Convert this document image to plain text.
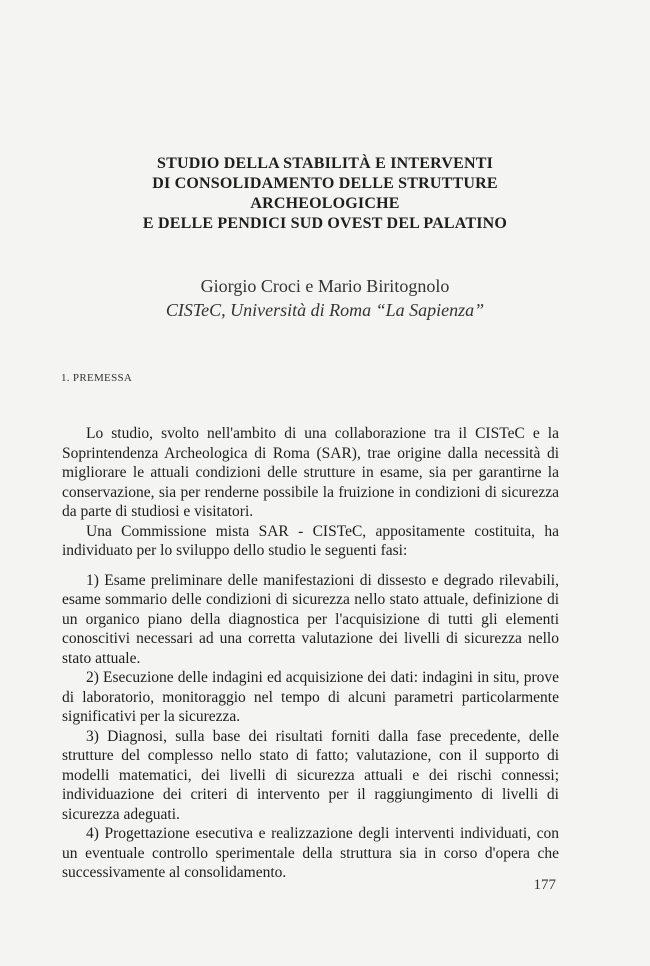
STUDIO DELLA STABILITÀ E INTERVENTI
DI CONSOLIDAMENTO DELLE STRUTTURE
ARCHEOLOGICHE
E DELLE PENDICI SUD OVEST DEL PALATINO
Giorgio Croci e Mario Biritognolo
CISTeC, Università di Roma “La Sapienza”
1. PREMESSA

Lo studio, svolto nell'ambito di una collaborazione tra il CISTeC e la Soprintendenza Archeologica di Roma (SAR), trae origine dalla necessità di migliorare le attuali condizioni delle strutture in esame, sia per garantirne la conservazione, sia per renderne possibile la fruizione in condizioni di sicurezza da parte di studiosi e visitatori.

Una Commissione mista SAR - CISTeC, appositamente costituita, ha individuato per lo sviluppo dello studio le seguenti fasi:

1) Esame preliminare delle manifestazioni di dissesto e degrado rilevabili, esame sommario delle condizioni di sicurezza nello stato attuale, definizione di un organico piano della diagnostica per l'acquisizione di tutti gli elementi conoscitivi necessari ad una corretta valutazione dei livelli di sicurezza nello stato attuale.

2) Esecuzione delle indagini ed acquisizione dei dati: indagini in situ, prove di laboratorio, monitoraggio nel tempo di alcuni parametri particolarmente significativi per la sicurezza.

3) Diagnosi, sulla base dei risultati forniti dalla fase precedente, delle strutture del complesso nello stato di fatto; valutazione, con il supporto di modelli matematici, dei livelli di sicurezza attuali e dei rischi connessi; individuazione dei criteri di intervento per il raggiungimento di livelli di sicurezza adeguati.

4) Progettazione esecutiva e realizzazione degli interventi individuati, con un eventuale controllo sperimentale della struttura sia in corso d'opera che successivamente al consolidamento.

177
